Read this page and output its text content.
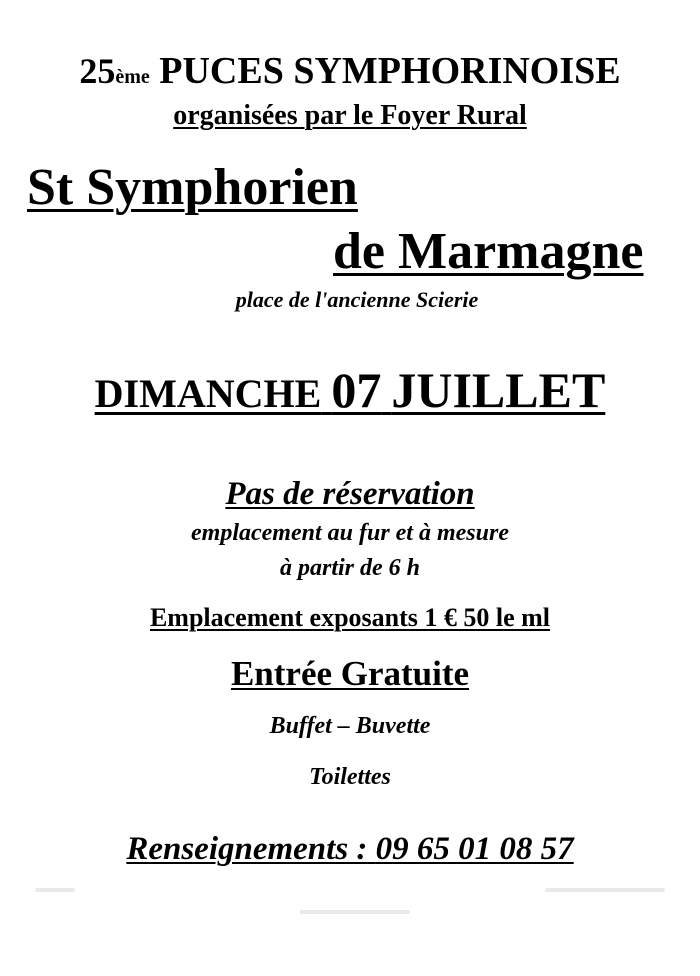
25ème PUCES SYMPHORINOISE
organisées par le Foyer Rural
St Symphorien
de Marmagne
place de l'ancienne Scierie
DIMANCHE 07 JUILLET
Pas de réservation
emplacement au fur et à mesure
à partir de 6 h
Emplacement exposants 1 € 50 le ml
Entrée Gratuite
Buffet – Buvette
Toilettes
Renseignements : 09 65 01 08 57
